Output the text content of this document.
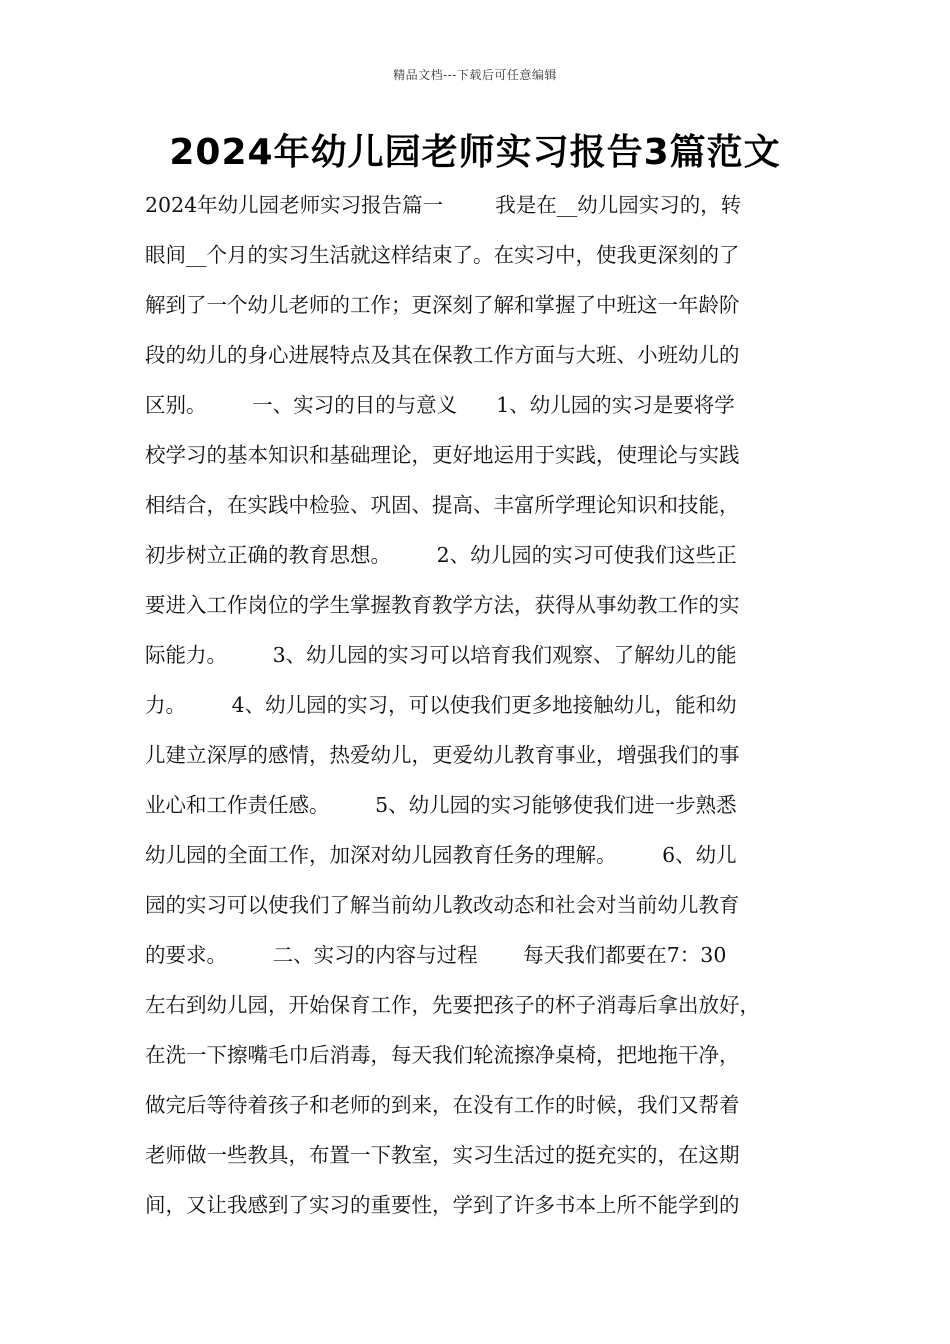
精品文档---下载后可任意编辑
2024年幼儿园老师实习报告3篇范文
2024年幼儿园老师实习报告篇一        我是在__幼儿园实习的，转
眼间__个月的实习生活就这样结束了。在实习中，使我更深刻的了
解到了一个幼儿老师的工作；更深刻了解和掌握了中班这一年龄阶
段的幼儿的身心进展特点及其在保教工作方面与大班、小班幼儿的
区别。       一、实习的目的与意义      1、幼儿园的实习是要将学
校学习的基本知识和基础理论，更好地运用于实践，使理论与实践
相结合，在实践中检验、巩固、提高、丰富所学理论知识和技能，
初步树立正确的教育思想。       2、幼儿园的实习可使我们这些正
要进入工作岗位的学生掌握教育教学方法，获得从事幼教工作的实
际能力。       3、幼儿园的实习可以培育我们观察、了解幼儿的能
力。       4、幼儿园的实习，可以使我们更多地接触幼儿，能和幼
儿建立深厚的感情，热爱幼儿，更爱幼儿教育事业，增强我们的事
业心和工作责任感。       5、幼儿园的实习能够使我们进一步熟悉
幼儿园的全面工作，加深对幼儿园教育任务的理解。       6、幼儿
园的实习可以使我们了解当前幼儿教改动态和社会对当前幼儿教育
的要求。       二、实习的内容与过程       每天我们都要在7：30
左右到幼儿园，开始保育工作，先要把孩子的杯子消毒后拿出放好，
在洗一下擦嘴毛巾后消毒，每天我们轮流擦净桌椅，把地拖干净，
做完后等待着孩子和老师的到来，在没有工作的时候，我们又帮着
老师做一些教具，布置一下教室，实习生活过的挺充实的，在这期
间，又让我感到了实习的重要性，学到了许多书本上所不能学到的
